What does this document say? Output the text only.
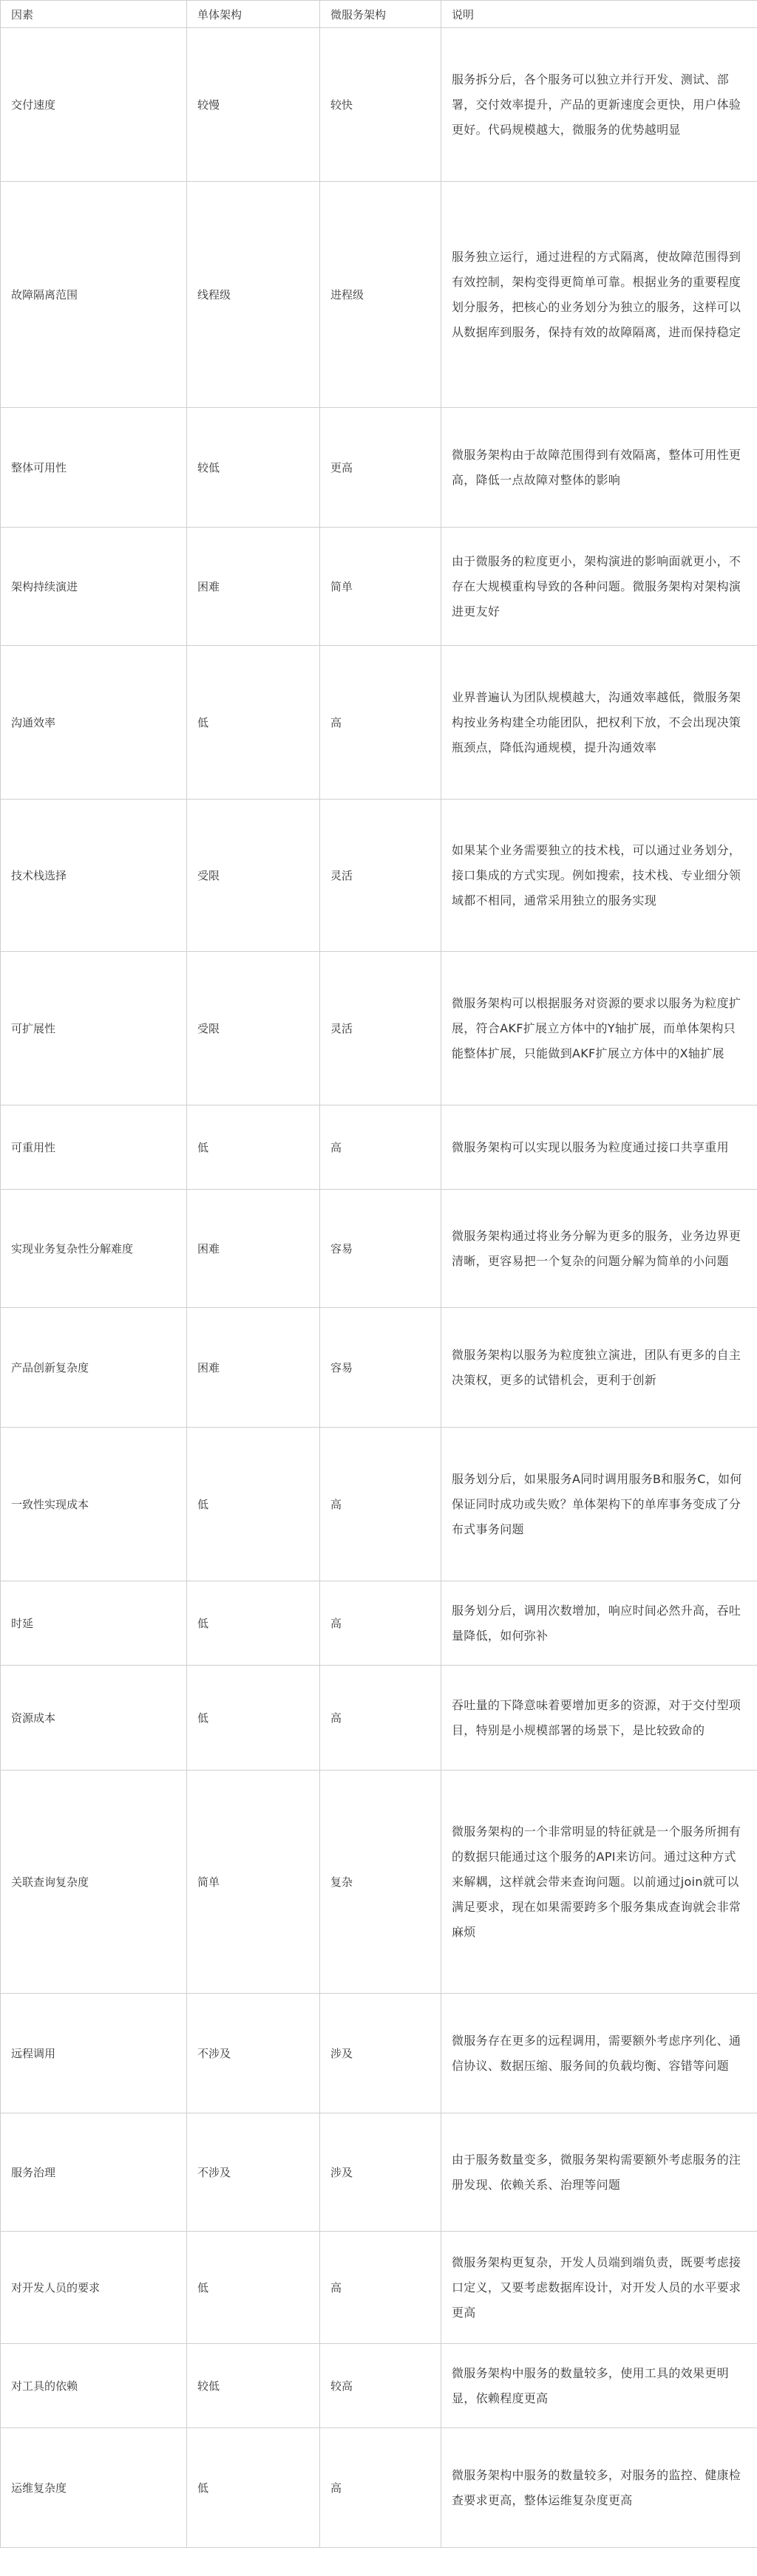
因素	单体架构	微服务架构	说明
交付速度	较慢	较快	服务拆分后，各个服务可以独立并行开发、测试、部署，交付效率提升，产品的更新速度会更快，用户体验更好。代码规模越大，微服务的优势越明显
故障隔离范围	线程级	进程级	服务独立运行，通过进程的方式隔离，使故障范围得到有效控制，架构变得更简单可靠。根据业务的重要程度划分服务，把核心的业务划分为独立的服务，这样可以从数据库到服务，保持有效的故障隔离，进而保持稳定
整体可用性	较低	更高	微服务架构由于故障范围得到有效隔离，整体可用性更高，降低一点故障对整体的影响
架构持续演进	困难	简单	由于微服务的粒度更小，架构演进的影响面就更小，不存在大规模重构导致的各种问题。微服务架构对架构演进更友好
沟通效率	低	高	业界普遍认为团队规模越大，沟通效率越低，微服务架构按业务构建全功能团队，把权利下放，不会出现决策瓶颈点，降低沟通规模，提升沟通效率
技术栈选择	受限	灵活	如果某个业务需要独立的技术栈，可以通过业务划分，接口集成的方式实现。例如搜索，技术栈、专业细分领域都不相同，通常采用独立的服务实现
可扩展性	受限	灵活	微服务架构可以根据服务对资源的要求以服务为粒度扩展，符合AKF扩展立方体中的Y轴扩展，而单体架构只能整体扩展，只能做到AKF扩展立方体中的X轴扩展
可重用性	低	高	微服务架构可以实现以服务为粒度通过接口共享重用
实现业务复杂性分解难度	困难	容易	微服务架构通过将业务分解为更多的服务，业务边界更清晰，更容易把一个复杂的问题分解为简单的小问题
产品创新复杂度	困难	容易	微服务架构以服务为粒度独立演进，团队有更多的自主决策权，更多的试错机会，更利于创新
一致性实现成本	低	高	服务划分后，如果服务A同时调用服务B和服务C，如何保证同时成功或失败？单体架构下的单库事务变成了分布式事务问题
时延	低	高	服务划分后，调用次数增加，响应时间必然升高，吞吐量降低，如何弥补
资源成本	低	高	吞吐量的下降意味着要增加更多的资源，对于交付型项目，特别是小规模部署的场景下，是比较致命的
关联查询复杂度	简单	复杂	微服务架构的一个非常明显的特征就是一个服务所拥有的数据只能通过这个服务的API来访问。通过这种方式来解耦，这样就会带来查询问题。以前通过join就可以满足要求，现在如果需要跨多个服务集成查询就会非常麻烦
远程调用	不涉及	涉及	微服务存在更多的远程调用，需要额外考虑序列化、通信协议、数据压缩、服务间的负载均衡、容错等问题
服务治理	不涉及	涉及	由于服务数量变多，微服务架构需要额外考虑服务的注册发现、依赖关系、治理等问题
对开发人员的要求	低	高	微服务架构更复杂，开发人员端到端负责，既要考虑接口定义，又要考虑数据库设计，对开发人员的水平要求更高
对工具的依赖	较低	较高	微服务架构中服务的数量较多，使用工具的效果更明显，依赖程度更高
运维复杂度	低	高	微服务架构中服务的数量较多，对服务的监控、健康检查要求更高，整体运维复杂度更高
